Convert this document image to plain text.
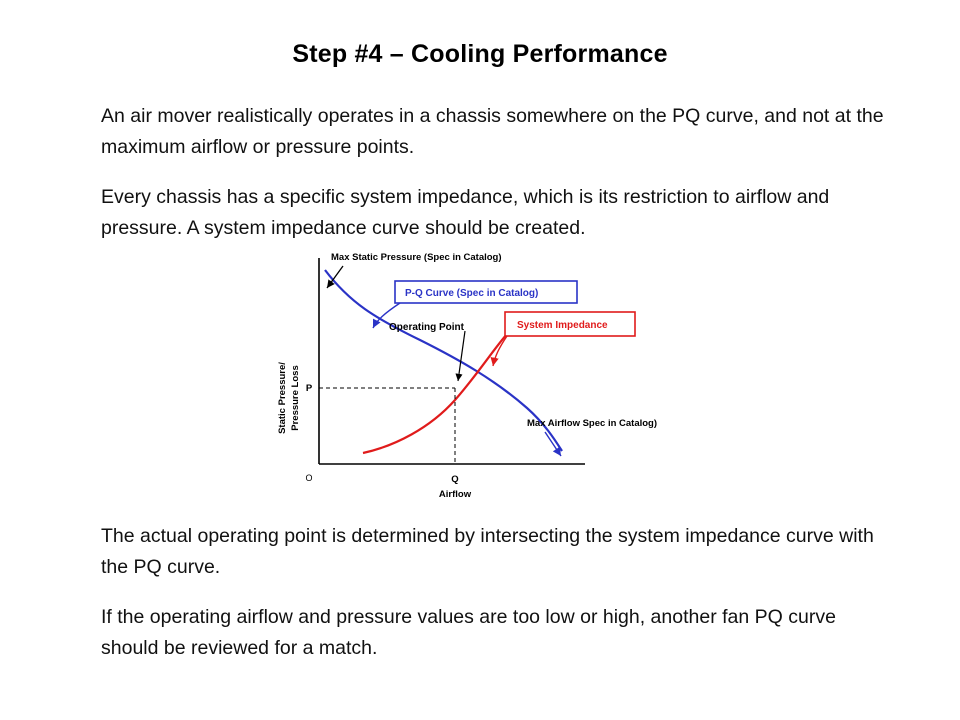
Step #4 – Cooling Performance
An air mover realistically operates in a chassis somewhere on the PQ curve, and not at the maximum airflow or pressure points.
Every chassis has a specific system impedance, which is its restriction to airflow and pressure. A system impedance curve should be created.
Static Pressure/ Pressure Loss P
O	Q
Airflow
Max Static Pressure (Spec in Catalog)
P-Q Curve (Spec in Catalog)
System Impedance
Operating Point
Max Airflow Spec in Catalog)
The actual operating point is determined by intersecting the system impedance curve with the PQ curve.
If the operating airflow and pressure values are too low or high, another fan PQ curve should be reviewed for a match.
